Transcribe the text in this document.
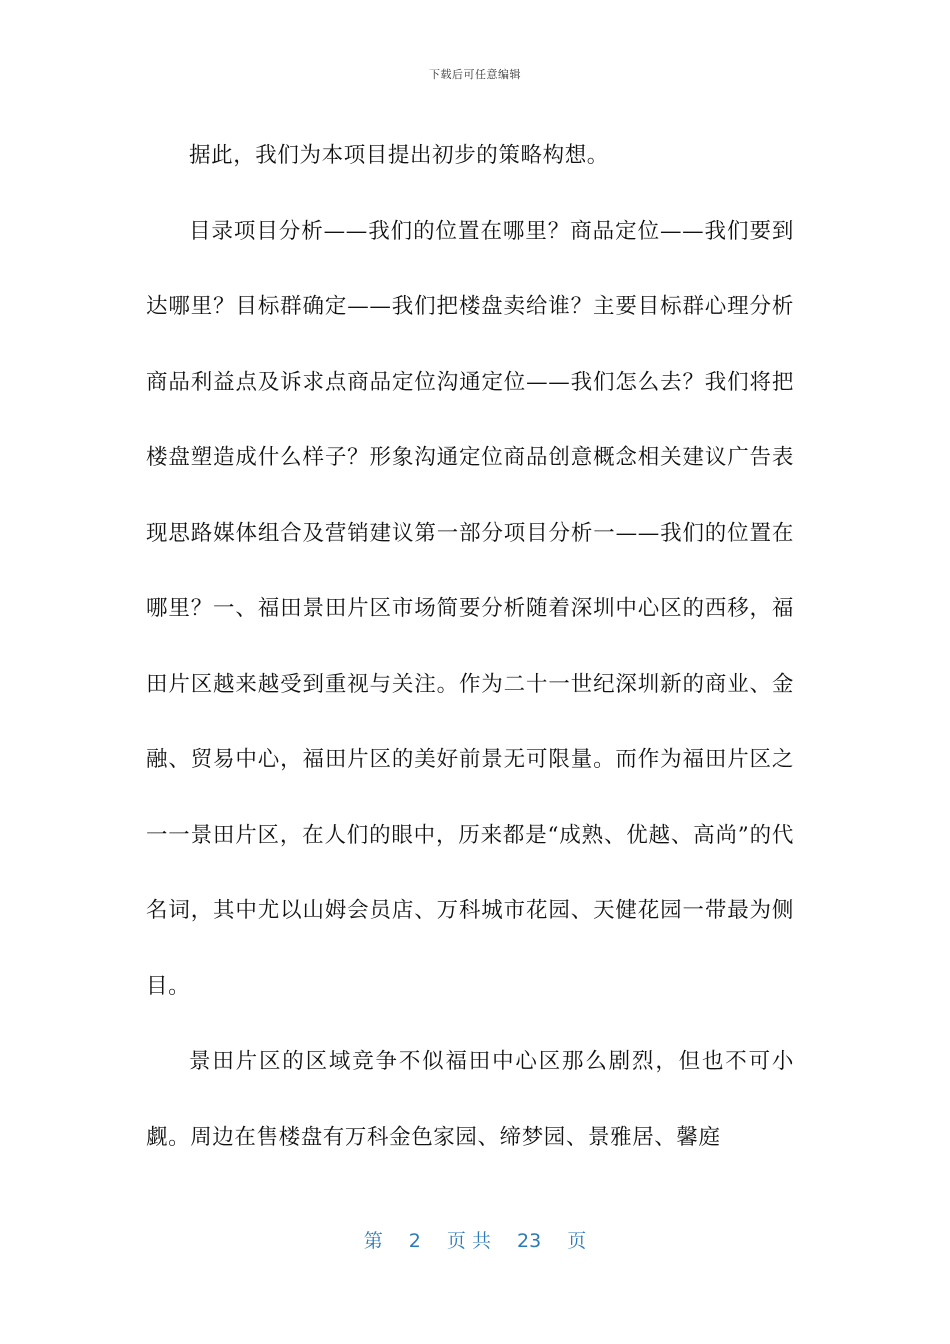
下载后可任意编辑

据此，我们为本项目提出初步的策略构想。

目录项目分析——我们的位置在哪里？商品定位——我们要到达哪里？目标群确定——我们把楼盘卖给谁？主要目标群心理分析商品利益点及诉求点商品定位沟通定位——我们怎么去？我们将把楼盘塑造成什么样子？形象沟通定位商品创意概念相关建议广告表现思路媒体组合及营销建议第一部分项目分析一——我们的位置在哪里？一、福田景田片区市场简要分析随着深圳中心区的西移，福田片区越来越受到重视与关注。作为二十一世纪深圳新的商业、金融、贸易中心，福田片区的美好前景无可限量。而作为福田片区之一一景田片区，在人们的眼中，历来都是“成熟、优越、高尚”的代名词，其中尤以山姆会员店、万科城市花园、天健花园一带最为侧目。

景田片区的区域竞争不似福田中心区那么剧烈，但也不可小觑。周边在售楼盘有万科金色家园、缔梦园、景雅居、馨庭

第 2 页 共 23 页
